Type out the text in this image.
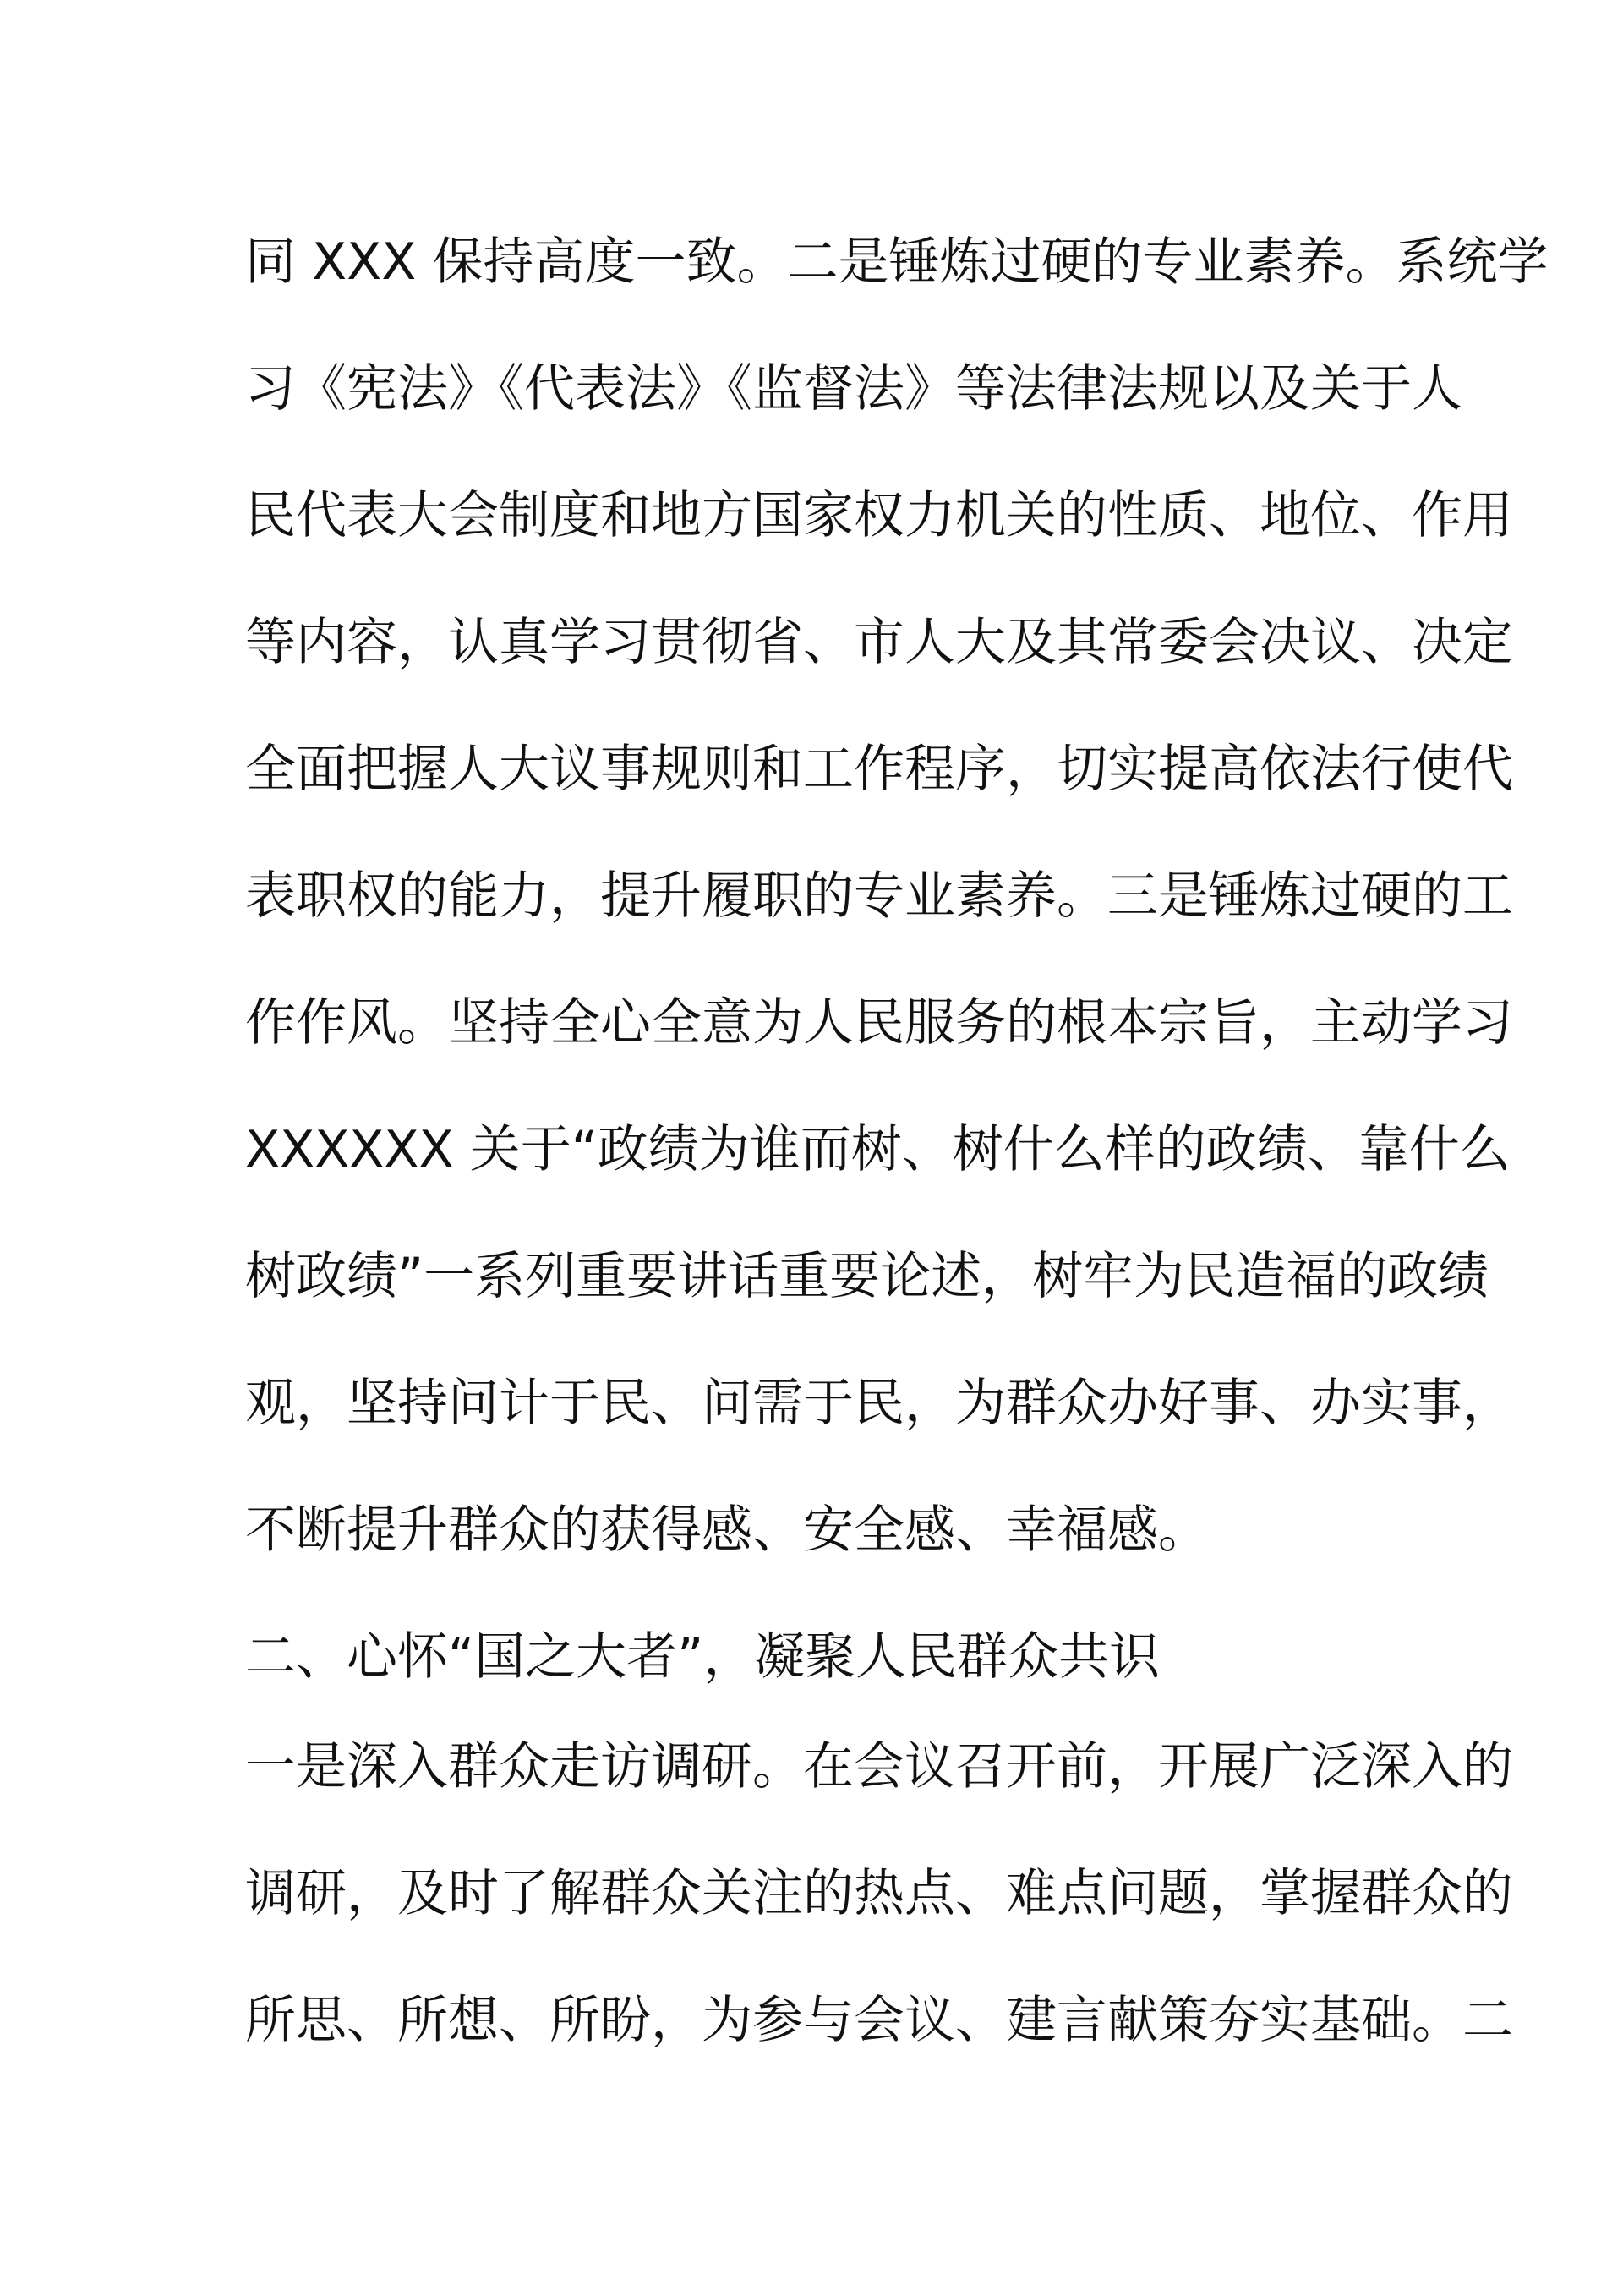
同 XXX 保持高度一致。二是锤炼过硬的专业素养。系统学
习《宪法》《代表法》《监督法》等法律法规以及关于人
民代表大会制度和地方国家权力机关的性质、地位、作用
等内容，认真学习贯彻省、市人大及其常委会决议、决定
全面把握人大议事规则和工作程序，切实提高依法行使代
表职权的能力，提升履职的专业素养。三是锤炼过硬的工
作作风。坚持全心全意为人民服务的根本宗旨，主动学习
XXXXXX 关于“政绩为谁而树、树什么样的政绩、靠什么
树政绩”一系列重要讲话重要论述，树牢为民造福的政绩
观，坚持问计于民、问需于民，为群众办好事、办实事，
不断提升群众的获得感、安全感、幸福感。
二、心怀“国之大者”，凝聚人民群众共识
一是深入群众走访调研。在会议召开前，开展广泛深入的
调研，及时了解群众关注的热点、难点问题，掌握群众的
所思、所想、所盼，为参与会议、建言献策夯实基础。二
